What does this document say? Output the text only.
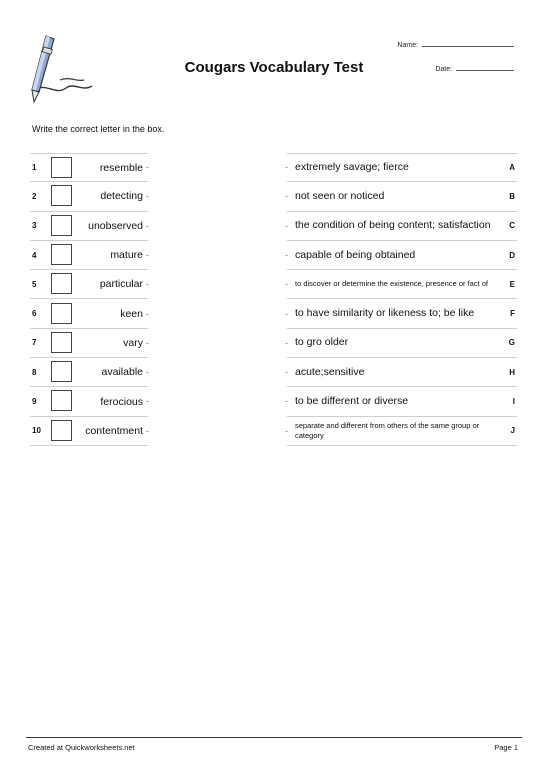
Cougars Vocabulary Test
Name:
Date:
Write the correct letter in the box.
1	resemble -
2	detecting -
3	unobserved -
4	mature -
5	particular -
6	keen -
7	vary -
8	available -
9	ferocious -
10	contentment -
extremely savage; fierce	A
-
not seen or noticed	B
-
the condition of being content; satisfaction	C
-
capable of being obtained	D
-
to discover or determine the existence, presence or fact of	E
-
to have similarity or likeness to; be like	F
-
to gro older	G
-
acute;sensitive	H
-
to be different or diverse	I
-
separate and different from others of the same group or category	J
-
Created at Quickworksheets.net	Page 1
